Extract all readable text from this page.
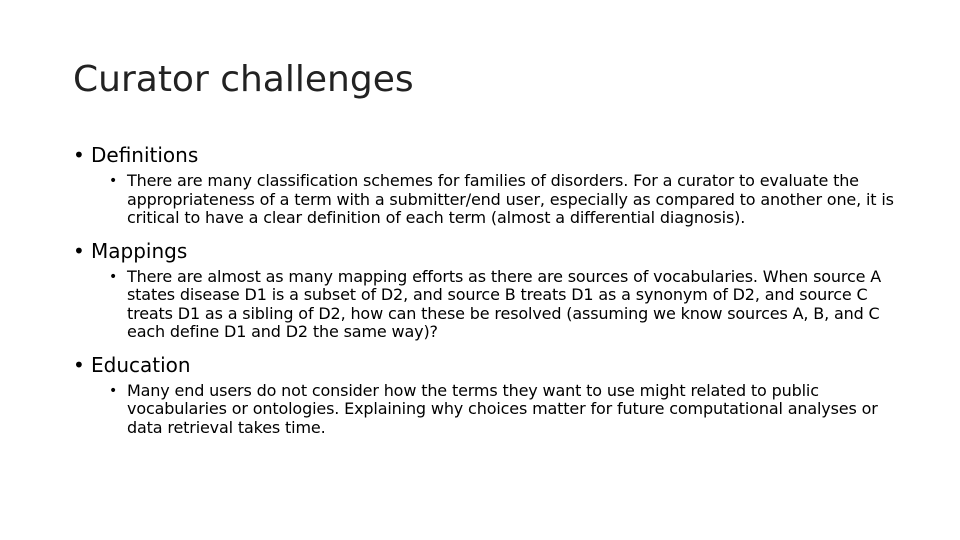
Curator challenges
• Definitions
• There are many classification schemes for families of disorders. For a curator to evaluate the appropriateness of a term with a submitter/end user, especially as compared to another one, it is critical to have a clear definition of each term (almost a differential diagnosis).
• Mappings
• There are almost as many mapping efforts as there are sources of vocabularies. When source A states disease D1 is a subset of D2, and source B treats D1 as a synonym of D2, and source C treats D1 as a sibling of D2, how can these be resolved (assuming we know sources A, B, and C each define D1 and D2 the same way)?
• Education
• Many end users do not consider how the terms they want to use might related to public vocabularies or ontologies. Explaining why choices matter for future computational analyses or data retrieval takes time.
